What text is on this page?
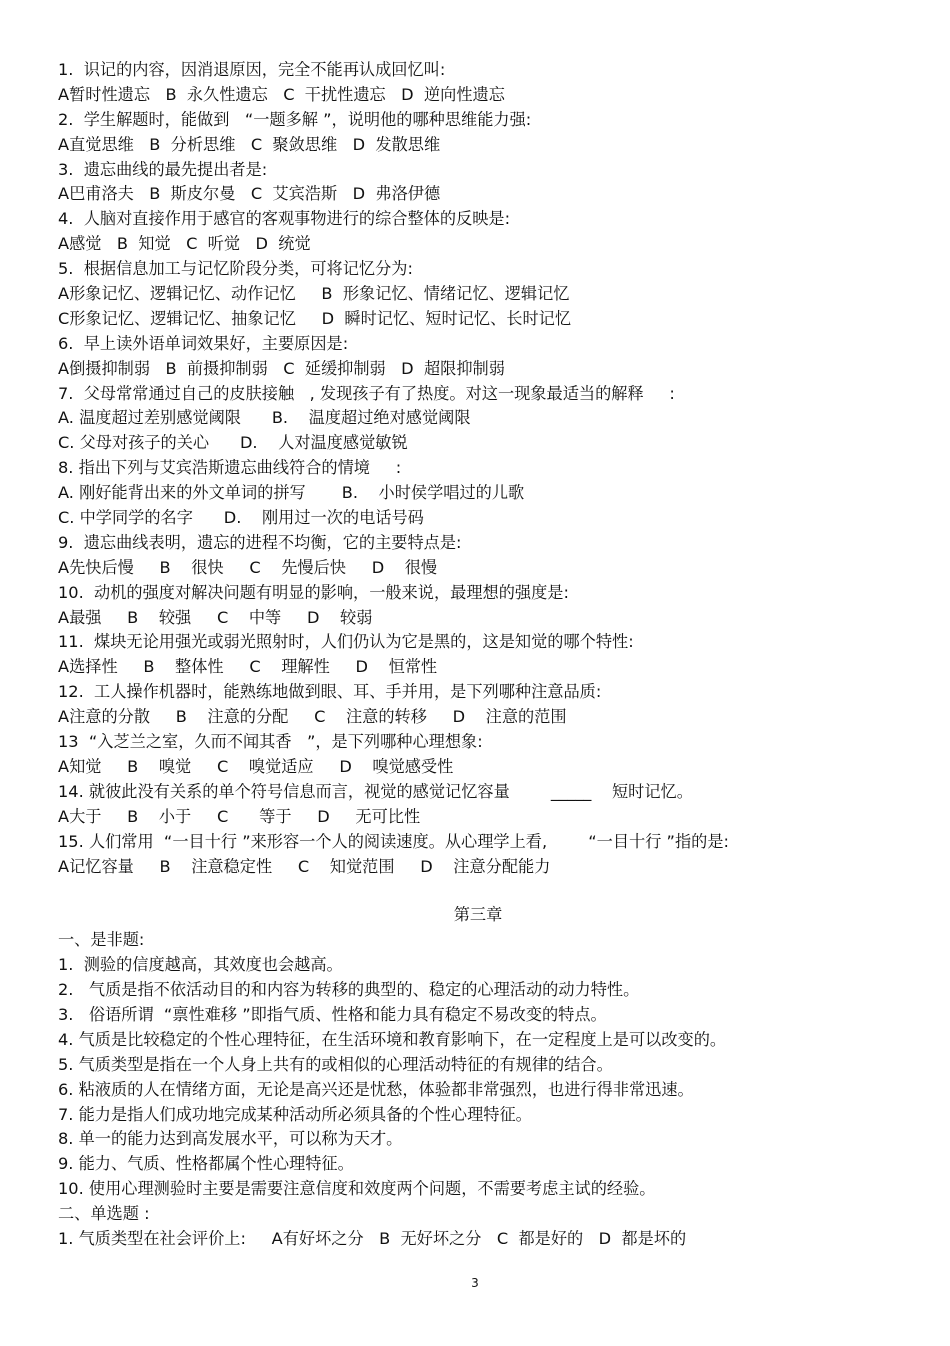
1.  识记的内容，因消退原因，完全不能再认成回忆叫:
A暂时性遗忘   B  永久性遗忘   C  干扰性遗忘   D  逆向性遗忘
2.  学生解题时，能做到   “一题多解 ”，说明他的哪种思维能力强:
A直觉思维   B  分析思维   C  聚敛思维   D  发散思维
3.  遗忘曲线的最先提出者是:
A巴甫洛夫   B  斯皮尔曼   C  艾宾浩斯   D  弗洛伊德
4.  人脑对直接作用于感官的客观事物进行的综合整体的反映是:
A感觉   B  知觉   C  听觉   D  统觉
5.  根据信息加工与记忆阶段分类，可将记忆分为:
A形象记忆、逻辑记忆、动作记忆     B  形象记忆、情绪记忆、逻辑记忆
C形象记忆、逻辑记忆、抽象记忆     D  瞬时记忆、短时记忆、长时记忆
6.  早上读外语单词效果好，主要原因是:
A倒摄抑制弱   B  前摄抑制弱   C  延缓抑制弱   D  超限抑制弱
7.  父母常常通过自己的皮肤接触   , 发现孩子有了热度。对这一现象最适当的解释     :
A. 温度超过差别感觉阈限      B.    温度超过绝对感觉阈限
C. 父母对孩子的关心      D.    人对温度感觉敏锐
8. 指出下列与艾宾浩斯遗忘曲线符合的情境     :
A. 刚好能背出来的外文单词的拼写       B.    小时侯学唱过的儿歌
C. 中学同学的名字      D.    刚用过一次的电话号码
9.  遗忘曲线表明，遗忘的进程不均衡，它的主要特点是:
A先快后慢     B    很快     C    先慢后快     D    很慢
10.  动机的强度对解决问题有明显的影响，一般来说，最理想的强度是:
A最强     B    较强     C    中等     D    较弱
11.  煤块无论用强光或弱光照射时，人们仍认为它是黑的，这是知觉的哪个特性:
A选择性     B    整体性     C    理解性     D    恒常性
12.  工人操作机器时，能熟练地做到眼、耳、手并用，是下列哪种注意品质:
A注意的分散     B    注意的分配     C    注意的转移     D    注意的范围
13  “入芝兰之室，久而不闻其香   ”，是下列哪种心理想象:
A知觉     B    嗅觉     C    嗅觉适应     D    嗅觉感受性
14. 就彼此没有关系的单个符号信息而言，视觉的感觉记忆容量        _____    短时记忆。
A大于     B    小于     C      等于     D     无可比性
15. 人们常用  “一目十行 ”来形容一个人的阅读速度。从心理学上看,        “一目十行 ”指的是:
A记忆容量     B    注意稳定性     C    知觉范围     D    注意分配能力
第三章
一、是非题:
1.  测验的信度越高，其效度也会越高。
2.   气质是指不依活动目的和内容为转移的典型的、稳定的心理活动的动力特性。
3.   俗语所谓  “禀性难移 ”即指气质、性格和能力具有稳定不易改变的特点。
4. 气质是比较稳定的个性心理特征，在生活环境和教育影响下，在一定程度上是可以改变的。
5. 气质类型是指在一个人身上共有的或相似的心理活动特征的有规律的结合。
6. 粘液质的人在情绪方面，无论是高兴还是忧愁，体验都非常强烈，也进行得非常迅速。
7. 能力是指人们成功地完成某种活动所必须具备的个性心理特征。
8. 单一的能力达到高发展水平，可以称为天才。
9. 能力、气质、性格都属个性心理特征。
10. 使用心理测验时主要是需要注意信度和效度两个问题，不需要考虑主试的经验。
二、单选题 :
1. 气质类型在社会评价上:     A有好坏之分   B  无好坏之分   C  都是好的   D  都是坏的
3
